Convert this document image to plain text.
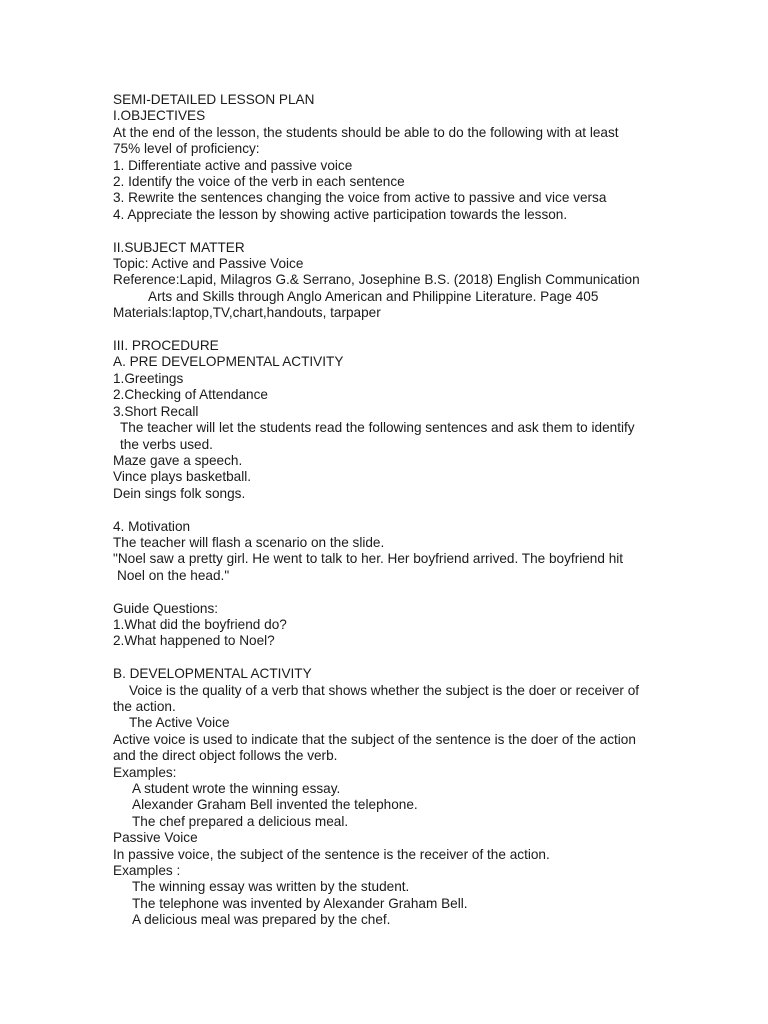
SEMI-DETAILED LESSON PLAN
I.OBJECTIVES
At the end of the lesson, the students should be able to do the following with at least
75% level of proficiency:
1. Differentiate active and passive voice
2. Identify the voice of the verb in each sentence
3. Rewrite the sentences changing the voice from active to passive and vice versa
4. Appreciate the lesson by showing active participation towards the lesson.
II.SUBJECT MATTER
Topic: Active and Passive Voice
Reference:Lapid, Milagros G.& Serrano, Josephine B.S. (2018) English Communication
Arts and Skills through Anglo American and Philippine Literature. Page 405
Materials:laptop,TV,chart,handouts, tarpaper
III. PROCEDURE
A. PRE DEVELOPMENTAL ACTIVITY
1.Greetings
2.Checking of Attendance
3.Short Recall
The teacher will let the students read the following sentences and ask them to identify
the verbs used.
Maze gave a speech.
Vince plays basketball.
Dein sings folk songs.
4. Motivation
The teacher will flash a scenario on the slide.
"Noel saw a pretty girl. He went to talk to her. Her boyfriend arrived. The boyfriend hit
Noel on the head."
Guide Questions:
1.What did the boyfriend do?
2.What happened to Noel?
B. DEVELOPMENTAL ACTIVITY
Voice is the quality of a verb that shows whether the subject is the doer or receiver of
the action.
The Active Voice
Active voice is used to indicate that the subject of the sentence is the doer of the action
and the direct object follows the verb.
Examples:
A student wrote the winning essay.
Alexander Graham Bell invented the telephone.
The chef prepared a delicious meal.
Passive Voice
In passive voice, the subject of the sentence is the receiver of the action.
Examples :
The winning essay was written by the student.
The telephone was invented by Alexander Graham Bell.
A delicious meal was prepared by the chef.
